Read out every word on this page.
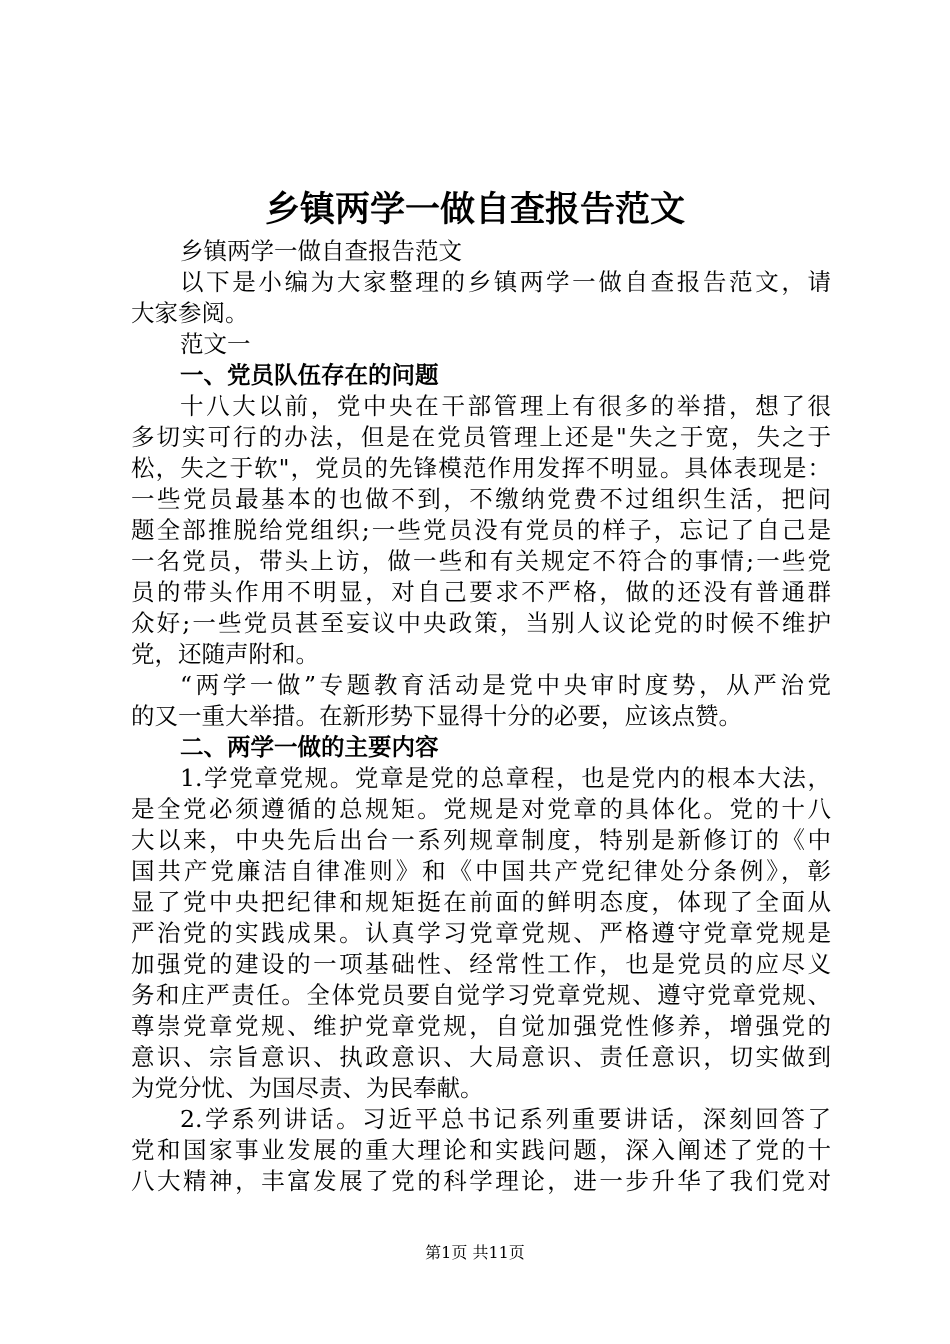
乡镇两学一做自查报告范文
乡镇两学一做自查报告范文
以下是小编为大家整理的乡镇两学一做自查报告范文，请
大家参阅。
范文一
一、党员队伍存在的问题
十八大以前，党中央在干部管理上有很多的举措，想了很
多切实可行的办法，但是在党员管理上还是"失之于宽，失之于
松，失之于软"，党员的先锋模范作用发挥不明显。具体表现是：
一些党员最基本的也做不到，不缴纳党费不过组织生活，把问
题全部推脱给党组织;一些党员没有党员的样子，忘记了自己是
一名党员，带头上访，做一些和有关规定不符合的事情;一些党
员的带头作用不明显，对自己要求不严格，做的还没有普通群
众好;一些党员甚至妄议中央政策，当别人议论党的时候不维护
党，还随声附和。
“两学一做”专题教育活动是党中央审时度势，从严治党
的又一重大举措。在新形势下显得十分的必要，应该点赞。
二、两学一做的主要内容
1.学党章党规。党章是党的总章程，也是党内的根本大法，
是全党必须遵循的总规矩。党规是对党章的具体化。党的十八
大以来，中央先后出台一系列规章制度，特别是新修订的《中
国共产党廉洁自律准则》和《中国共产党纪律处分条例》，彰
显了党中央把纪律和规矩挺在前面的鲜明态度，体现了全面从
严治党的实践成果。认真学习党章党规、严格遵守党章党规是
加强党的建设的一项基础性、经常性工作，也是党员的应尽义
务和庄严责任。全体党员要自觉学习党章党规、遵守党章党规、
尊崇党章党规、维护党章党规，自觉加强党性修养，增强党的
意识、宗旨意识、执政意识、大局意识、责任意识，切实做到
为党分忧、为国尽责、为民奉献。
2.学系列讲话。习近平总书记系列重要讲话，深刻回答了
党和国家事业发展的重大理论和实践问题，深入阐述了党的十
八大精神，丰富发展了党的科学理论，进一步升华了我们党对
第1页 共11页
